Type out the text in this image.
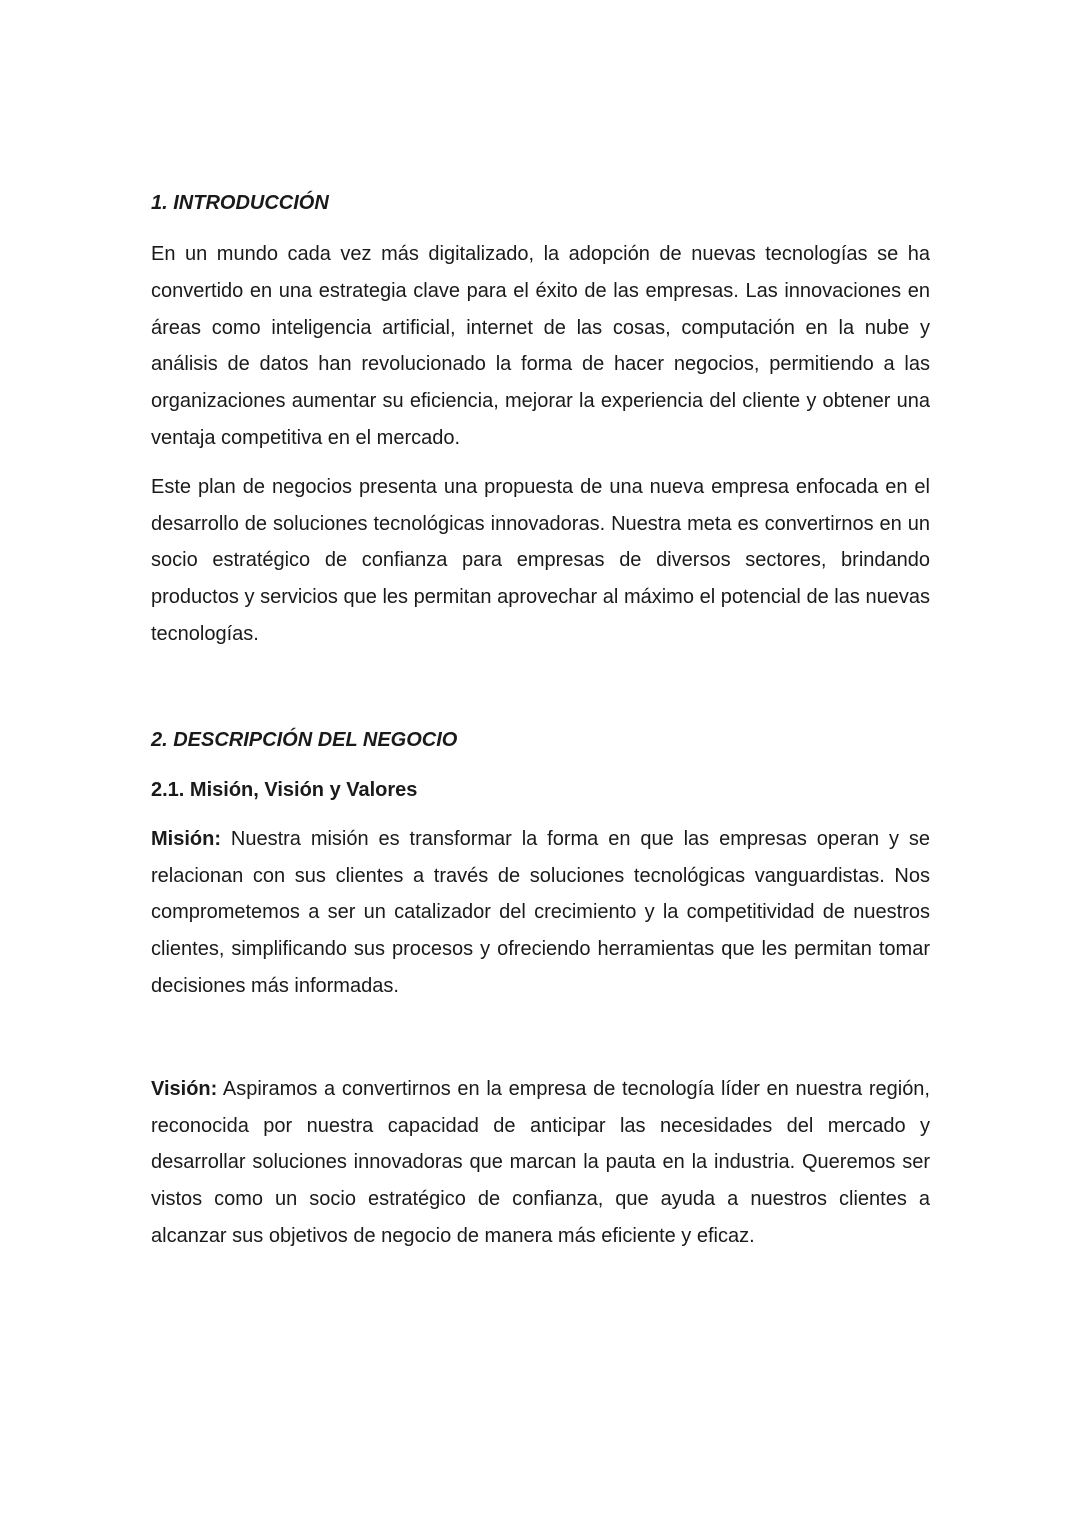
1. INTRODUCCIÓN

En un mundo cada vez más digitalizado, la adopción de nuevas tecnologías se ha convertido en una estrategia clave para el éxito de las empresas. Las innovaciones en áreas como inteligencia artificial, internet de las cosas, computación en la nube y análisis de datos han revolucionado la forma de hacer negocios, permitiendo a las organizaciones aumentar su eficiencia, mejorar la experiencia del cliente y obtener una ventaja competitiva en el mercado.

Este plan de negocios presenta una propuesta de una nueva empresa enfocada en el desarrollo de soluciones tecnológicas innovadoras. Nuestra meta es convertirnos en un socio estratégico de confianza para empresas de diversos sectores, brindando productos y servicios que les permitan aprovechar al máximo el potencial de las nuevas tecnologías.

2. DESCRIPCIÓN DEL NEGOCIO
2.1. Misión, Visión y Valores

Misión: Nuestra misión es transformar la forma en que las empresas operan y se relacionan con sus clientes a través de soluciones tecnológicas vanguardistas. Nos comprometemos a ser un catalizador del crecimiento y la competitividad de nuestros clientes, simplificando sus procesos y ofreciendo herramientas que les permitan tomar decisiones más informadas.

Visión: Aspiramos a convertirnos en la empresa de tecnología líder en nuestra región, reconocida por nuestra capacidad de anticipar las necesidades del mercado y desarrollar soluciones innovadoras que marcan la pauta en la industria. Queremos ser vistos como un socio estratégico de confianza, que ayuda a nuestros clientes a alcanzar sus objetivos de negocio de manera más eficiente y eficaz.
